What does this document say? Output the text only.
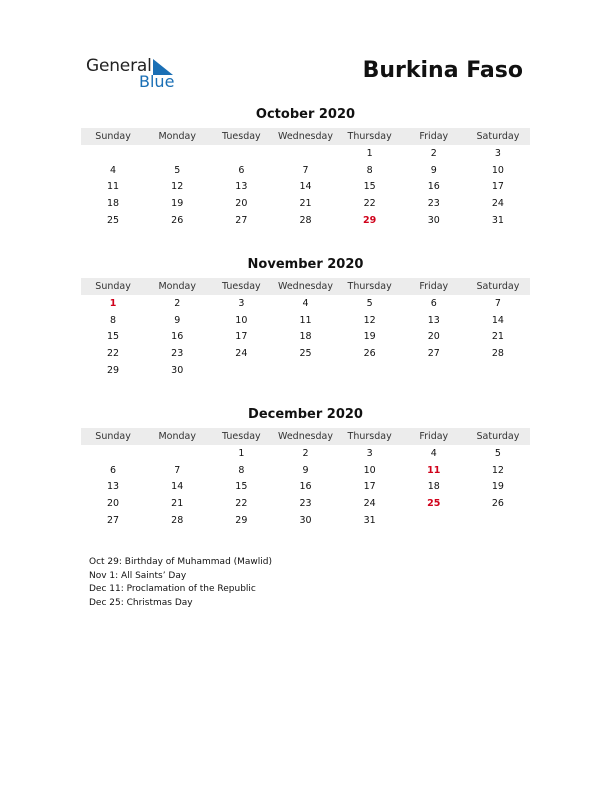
General
Blue	Burkina Faso
October 2020
Sunday	Monday	Tuesday	Wednesday	Thursday	Friday	Saturday
				1	2	3
4	5	6	7	8	9	10
11	12	13	14	15	16	17
18	19	20	21	22	23	24
25	26	27	28	29	30	31
November 2020
Sunday	Monday	Tuesday	Wednesday	Thursday	Friday	Saturday
1	2	3	4	5	6	7
8	9	10	11	12	13	14
15	16	17	18	19	20	21
22	23	24	25	26	27	28
29	30					
December 2020
Sunday	Monday	Tuesday	Wednesday	Thursday	Friday	Saturday
		1	2	3	4	5
6	7	8	9	10	11	12
13	14	15	16	17	18	19
20	21	22	23	24	25	26
27	28	29	30	31		
Oct 29: Birthday of Muhammad (Mawlid)
Nov 1: All Saints’ Day
Dec 11: Proclamation of the Republic
Dec 25: Christmas Day
